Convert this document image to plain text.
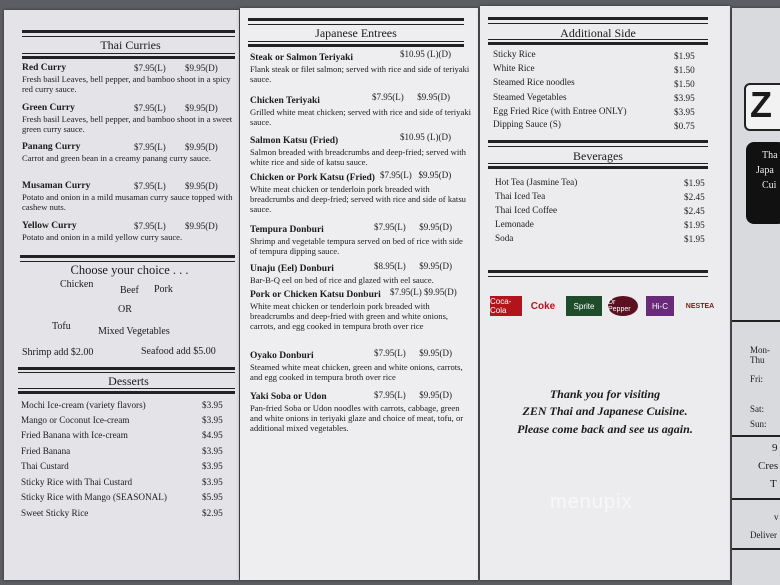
Thai Curries
Red Curry	$7.95(L) $9.95(D)
Fresh basil Leaves, bell pepper, and bamboo shoot in a spicy red curry sauce.
Green Curry	$7.95(L) $9.95(D)
Fresh basil Leaves, bell pepper, and bamboo shoot in a sweet green curry sauce.
Panang Curry	$7.95(L) $9.95(D)
Carrot and green bean in a creamy panang curry sauce.
Musaman Curry	$7.95(L) $9.95(D)
Potato and onion in a mild musaman curry sauce topped with cashew nuts.
Yellow Curry	$7.95(L) $9.95(D)
Potato and onion in a mild yellow curry sauce.
Choose your choice . . .
Chicken
Beef Pork
OR
Tofu	Mixed Vegetables
Shrimp add $2.00	Seafood add $5.00
Desserts
Mochi Ice-cream (variety flavors)	$3.95
Mango or Coconut Ice-cream	$3.95
Fried Banana with Ice-cream	$4.95
Fried Banana	$3.95
Thai Custard	$3.95
Sticky Rice with Thai Custard	$3.95
Sticky Rice with Mango (SEASONAL)	$5.95
Sweet Sticky Rice	$2.95
Japanese Entrees
Steak or Salmon Teriyaki	$10.95 (L)(D)
Flank steak or filet salmon; served with rice and side of teriyaki sauce.
Chicken Teriyaki	$7.95(L)      $9.95(D)
Grilled white meat chicken; served with rice and side of teriyaki sauce.
Salmon Katsu (Fried)	$10.95 (L)(D)
Salmon breaded with breadcrumbs and deep-fried; served with white rice and side of katsu sauce.
Chicken or Pork Katsu (Fried) $7.95(L)   $9.95(D)
White meat chicken or tenderloin pork breaded with breadcrumbs and deep-fried; served with rice and side of katsu sauce.
Tempura Donburi	$7.95(L)      $9.95(D)
Shrimp and vegetable tempura served on bed of rice with side of tempura dipping sauce.
Unaju (Eel) Donburi	$8.95(L)      $9.95(D)
Bar-B-Q eel on bed of rice and glazed with eel sauce.
Pork or Chicken Katsu Donburi $7.95(L) $9.95(D)
White meat chicken or tenderloin pork breaded with breadcrumbs and deep-fried with green and white onions, carrots, and egg cooked in tempura broth over rice
Oyako Donburi	$7.95(L)      $9.95(D)
Steamed white meat chicken, green and white onions, carrots, and egg cooked in tempura broth over rice
Yaki Soba or Udon	$7.95(L)      $9.95(D)
Pan-fried Soba or Udon noodles with carrots, cabbage, green and white onions in teriyaki glaze and choice of meat, tofu, or additional mixed vegetables.
Additional Side
Sticky Rice	$1.95
White Rice	$1.50
Steamed Rice noodles	$1.50
Steamed Vegetables	$3.95
Egg Fried Rice (with Entree ONLY)	$3.95
Dipping Sauce (S)	$0.75
Beverages
Hot Tea (Jasmine Tea)	$1.95
Thai Iced Tea	$2.45
Thai Iced Coffee	$2.45
Lemonade	$1.95
Soda	$1.95
Coca-Cola	Coke	Sprite	Dr Pepper	Hi-C	NESTEA
Thank you for visiting
ZEN Thai and Japanese Cuisine.
Please come back and see us again.
menupix
Z
Tha
Japa
Cui
Mon-Thu
Fri:
Sat:
Sun:
9
Cres
T
v
Deliver
